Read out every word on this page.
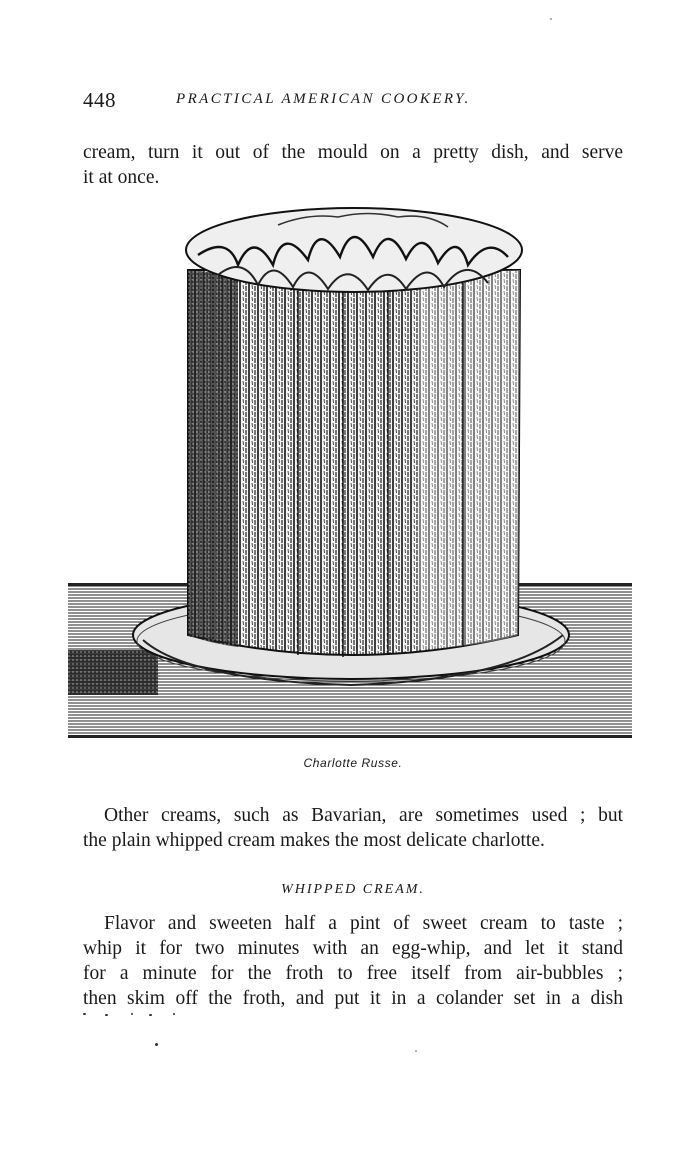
448	PRACTICAL AMERICAN COOKERY.
cream, turn it out of the mould on a pretty dish, and serve
it at once.
Charlotte Russe.
Other creams, such as Bavarian, are sometimes used ; but
the plain whipped cream makes the most delicate charlotte.
WHIPPED CREAM.
Flavor and sweeten half a pint of sweet cream to taste ;
whip it for two minutes with an egg-whip, and let it stand
for a minute for the froth to free itself from air-bubbles ;
then skim off the froth, and put it in a colander set in a dish
